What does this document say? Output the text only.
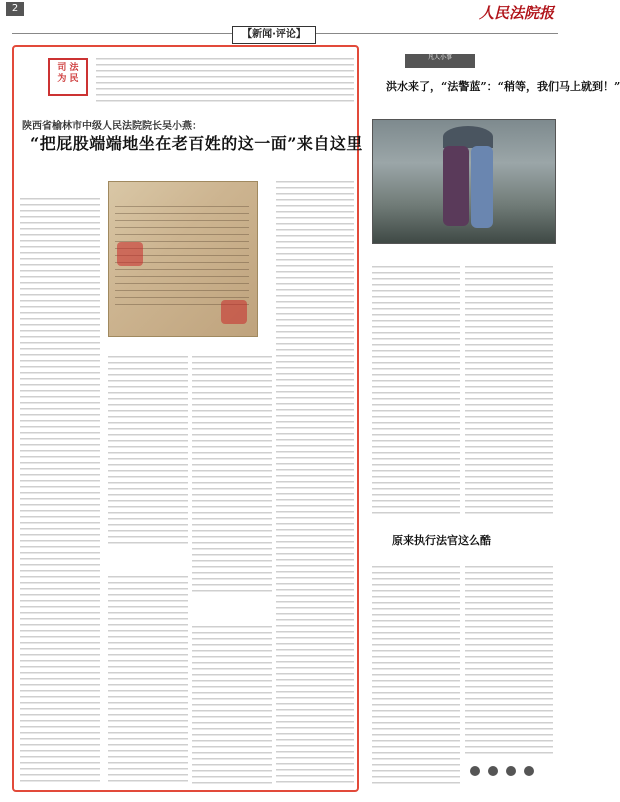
2	人民法院报
【新闻·评论】
司 法
为 民
陕西省榆林市中级人民法院院长吴小燕：
“把屁股端端地坐在老百姓的这一面”来自这里
凡人小事
洪水来了，“法警蓝”：“稍等，我们马上就到！”
原来执行法官这么酷
